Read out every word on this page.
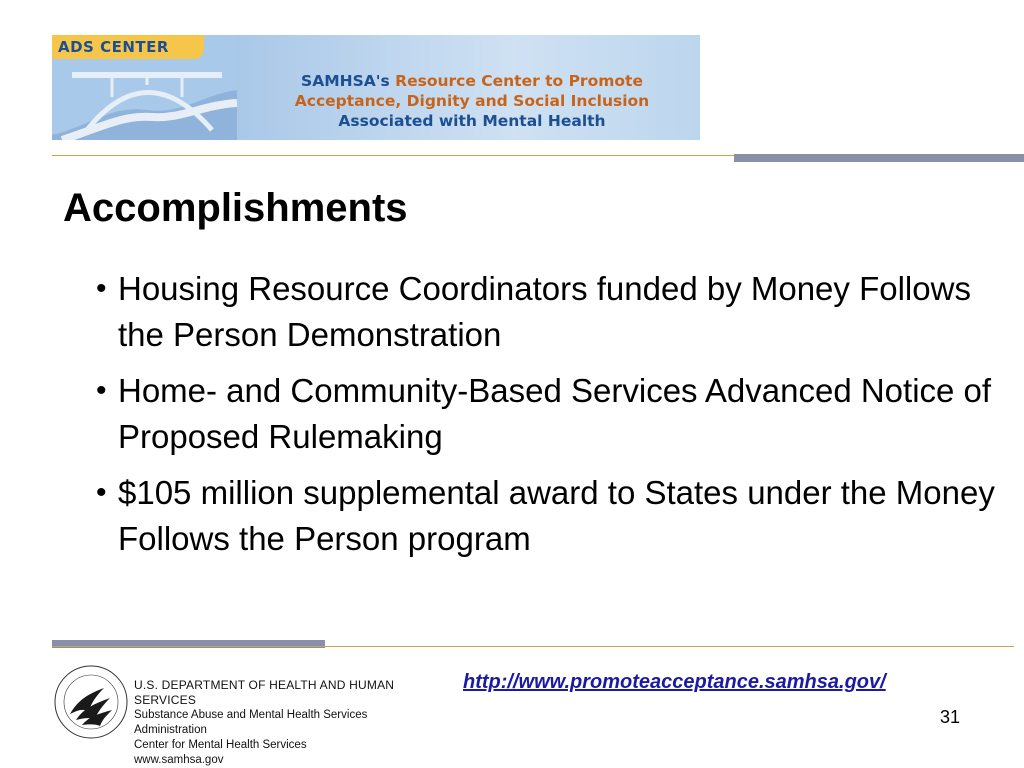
ADS CENTER
SAMHSA's Resource Center to Promote
Acceptance, Dignity and Social Inclusion
Associated with Mental Health
Accomplishments
• Housing Resource Coordinators funded by Money Follows the Person Demonstration
• Home- and Community-Based Services Advanced Notice of Proposed Rulemaking
• $105 million supplemental award to States under the Money Follows the Person program
U.S. DEPARTMENT OF HEALTH AND HUMAN SERVICES
Substance Abuse and Mental Health Services Administration
Center for Mental Health Services
www.samhsa.gov
http://www.promoteacceptance.samhsa.gov/
31
